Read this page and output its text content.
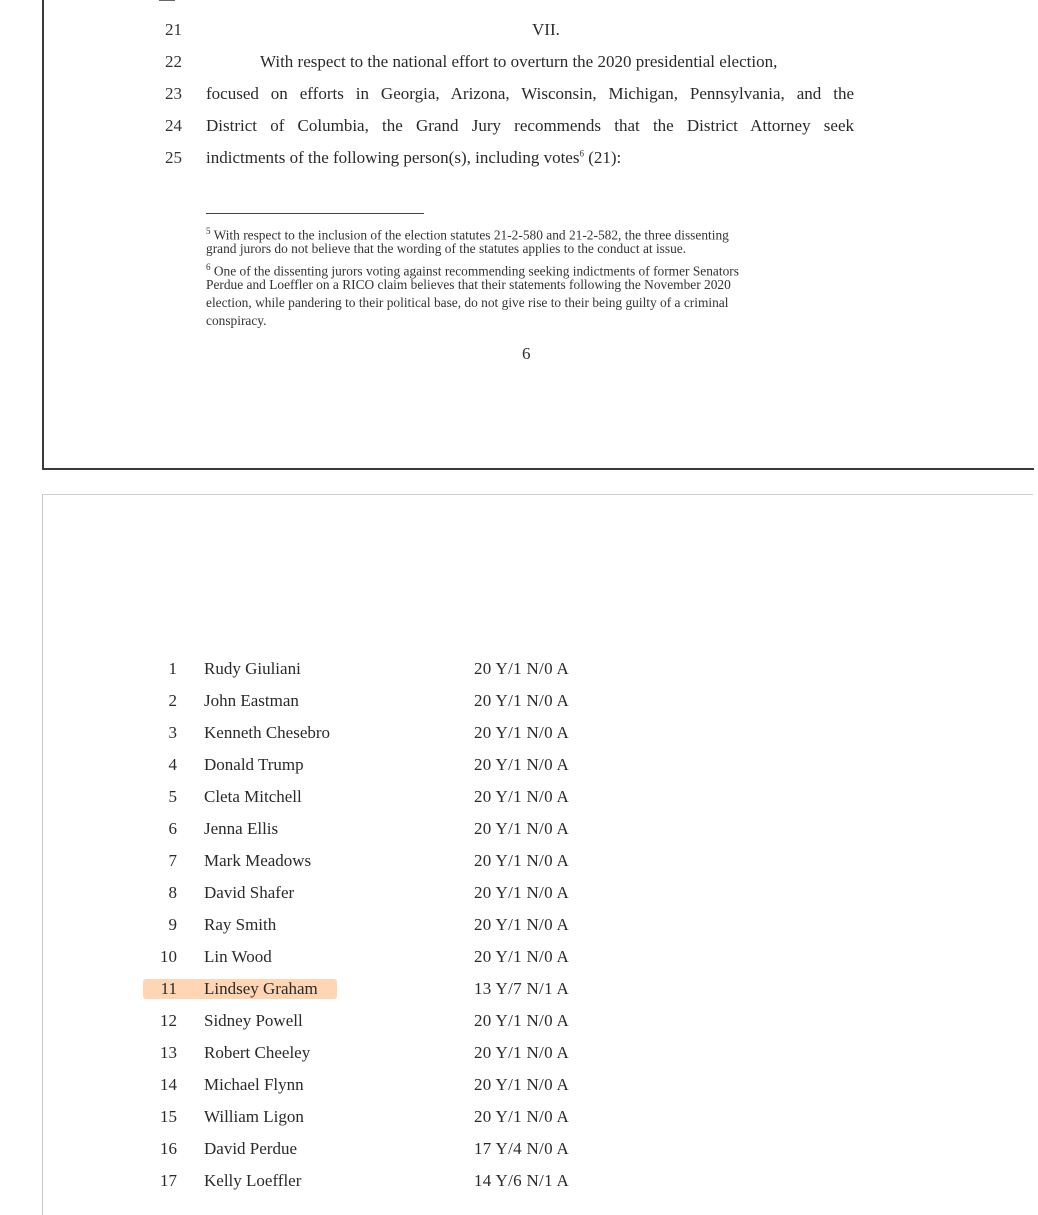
21	VII.
22	With respect to the national effort to overturn the 2020 presidential election,
23 focused on efforts in Georgia, Arizona, Wisconsin, Michigan, Pennsylvania, and the
24 District of Columbia, the Grand Jury recommends that the District Attorney seek
25 indictments of the following person(s), including votes$^6$ (21):
$^5$ With respect to the inclusion of the election statutes 21-2-580 and 21-2-582, the three dissenting
grand jurors do not believe that the wording of the statutes applies to the conduct at issue.
$^6$ One of the dissenting jurors voting against recommending seeking indictments of former Senators
Perdue and Loeffler on a RICO claim believes that their statements following the November 2020
election, while pandering to their political base, do not give rise to their being guilty of a criminal
conspiracy.
6
1 Rudy Giuliani	20 Y/1 N/0 A
2 John Eastman	20 Y/1 N/0 A
3 Kenneth Chesebro	20 Y/1 N/0 A
4 Donald Trump	20 Y/1 N/0 A
5 Cleta Mitchell	20 Y/1 N/0 A
6 Jenna Ellis	20 Y/1 N/0 A
7 Mark Meadows	20 Y/1 N/0 A
8 David Shafer	20 Y/1 N/0 A
9 Ray Smith	20 Y/1 N/0 A
10 Lin Wood	20 Y/1 N/0 A
11 Lindsey Graham	13 Y/7 N/1 A
12 Sidney Powell	20 Y/1 N/0 A
13 Robert Cheeley	20 Y/1 N/0 A
14 Michael Flynn	20 Y/1 N/0 A
15 William Ligon	20 Y/1 N/0 A
16 David Perdue	17 Y/4 N/0 A
17 Kelly Loeffler	14 Y/6 N/1 A
